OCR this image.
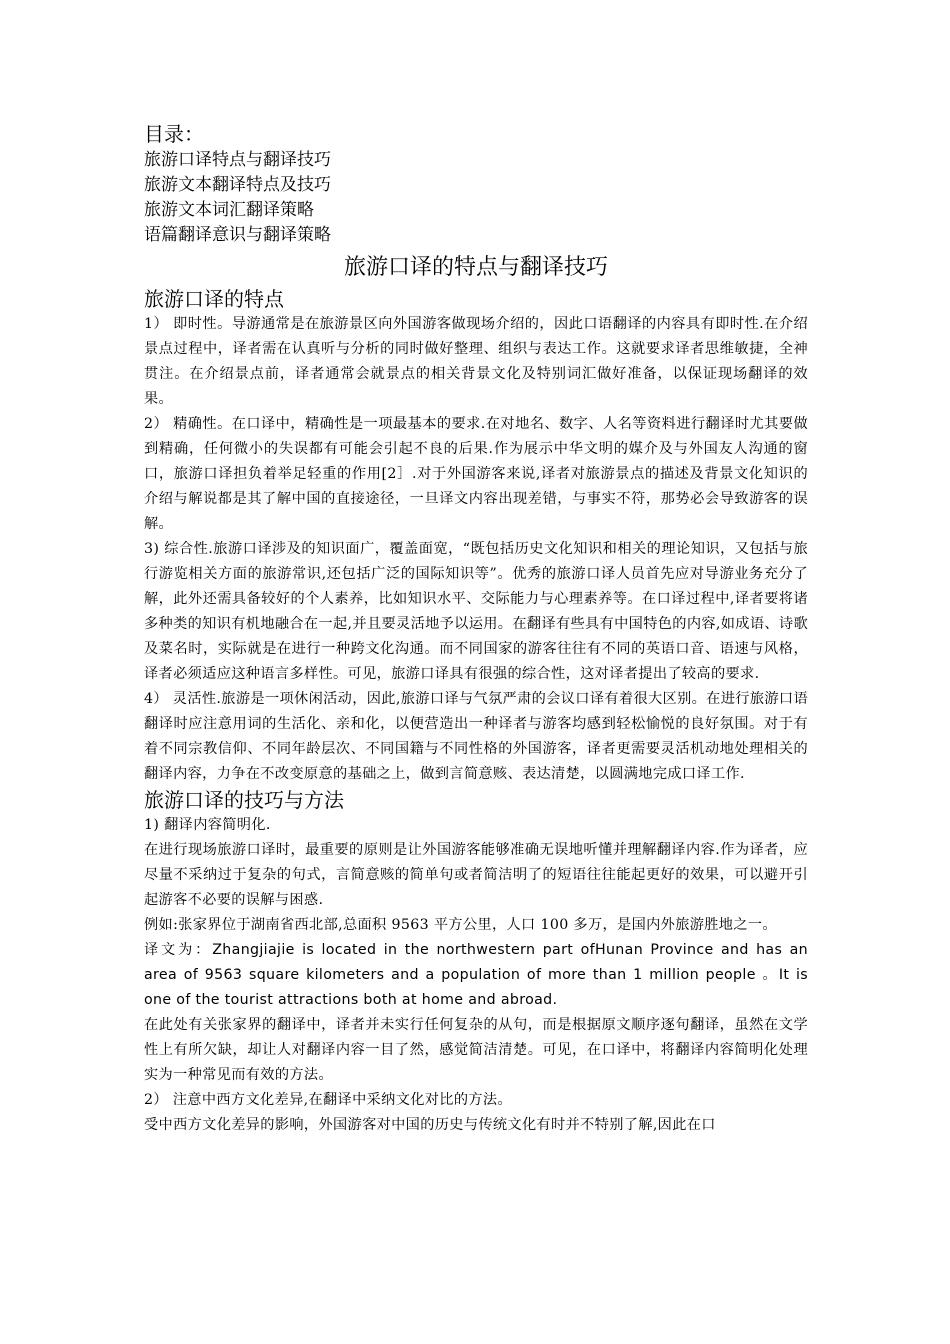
目录：

旅游口译特点与翻译技巧
旅游文本翻译特点及技巧
旅游文本词汇翻译策略
语篇翻译意识与翻译策略
旅游口译的特点与翻译技巧
旅游口译的特点

1） 即时性。导游通常是在旅游景区向外国游客做现场介绍的，因此口语翻译的内容具有即时性.在介绍景点过程中，译者需在认真听与分析的同时做好整理、组织与表达工作。这就要求译者思维敏捷，全神贯注。在介绍景点前，译者通常会就景点的相关背景文化及特别词汇做好准备，以保证现场翻译的效果。

2） 精确性。在口译中，精确性是一项最基本的要求.在对地名、数字、人名等资料进行翻译时尤其要做到精确，任何微小的失误都有可能会引起不良的后果.作为展示中华文明的媒介及与外国友人沟通的窗口，旅游口译担负着举足轻重的作用[2］.对于外国游客来说,译者对旅游景点的描述及背景文化知识的介绍与解说都是其了解中国的直接途径，一旦译文内容出现差错，与事实不符，那势必会导致游客的误解。

3) 综合性.旅游口译涉及的知识面广，覆盖面宽，“既包括历史文化知识和相关的理论知识，又包括与旅行游览相关方面的旅游常识,还包括广泛的国际知识等”。优秀的旅游口译人员首先应对导游业务充分了解，此外还需具备较好的个人素养，比如知识水平、交际能力与心理素养等。在口译过程中,译者要将诸多种类的知识有机地融合在一起,并且要灵活地予以运用。在翻译有些具有中国特色的内容,如成语、诗歌及菜名时，实际就是在进行一种跨文化沟通。而不同国家的游客往往有不同的英语口音、语速与风格，译者必须适应这种语言多样性。可见，旅游口译具有很强的综合性，这对译者提出了较高的要求.

4） 灵活性.旅游是一项休闲活动，因此,旅游口译与气氛严肃的会议口译有着很大区别。在进行旅游口语翻译时应注意用词的生活化、亲和化，以便营造出一种译者与游客均感到轻松愉悦的良好氛围。对于有着不同宗教信仰、不同年龄层次、不同国籍与不同性格的外国游客，译者更需要灵活机动地处理相关的翻译内容，力争在不改变原意的基础之上，做到言简意赅、表达清楚，以圆满地完成口译工作.

旅游口译的技巧与方法

1) 翻译内容简明化.

在进行现场旅游口译时，最重要的原则是让外国游客能够准确无误地听懂并理解翻译内容.作为译者，应尽量不采纳过于复杂的句式，言简意赅的简单句或者简洁明了的短语往往能起更好的效果，可以避开引起游客不必要的误解与困惑.

例如:张家界位于湖南省西北部,总面积 9563 平方公里，人口 100 多万，是国内外旅游胜地之一。

译文为：Zhangjiajie is located in the northwestern part ofHunan Province and has an area of 9563 square kilometers and a population of more than 1 million people 。It is one of the tourist attractions both at home and abroad.

在此处有关张家界的翻译中，译者并未实行任何复杂的从句，而是根据原文顺序逐句翻译，虽然在文学性上有所欠缺，却让人对翻译内容一目了然，感觉简洁清楚。可见，在口译中，将翻译内容简明化处理实为一种常见而有效的方法。

2） 注意中西方文化差异,在翻译中采纳文化对比的方法。

受中西方文化差异的影响，外国游客对中国的历史与传统文化有时并不特别了解,因此在口
